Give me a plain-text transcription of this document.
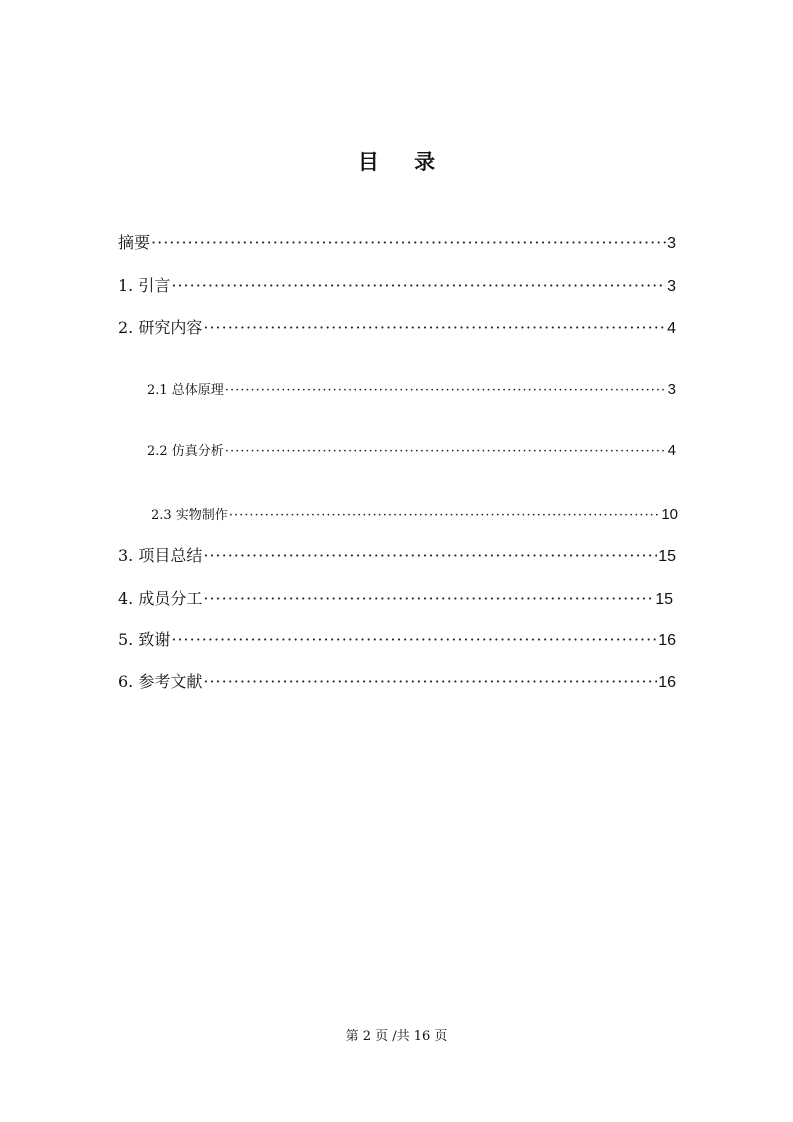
目 录
摘要 ·····	3
1. 引言 ·····	3
2. 研究内容 ·····	4
2.1 总体原理 ·····	3
2.2 仿真分析 ·····	4
2.3 实物制作 ·····	10
3. 项目总结 ·····	15
4. 成员分工 ·····	15
5. 致谢 ·····	16
6. 参考文献 ·····	16
第 2 页 /共 16 页
